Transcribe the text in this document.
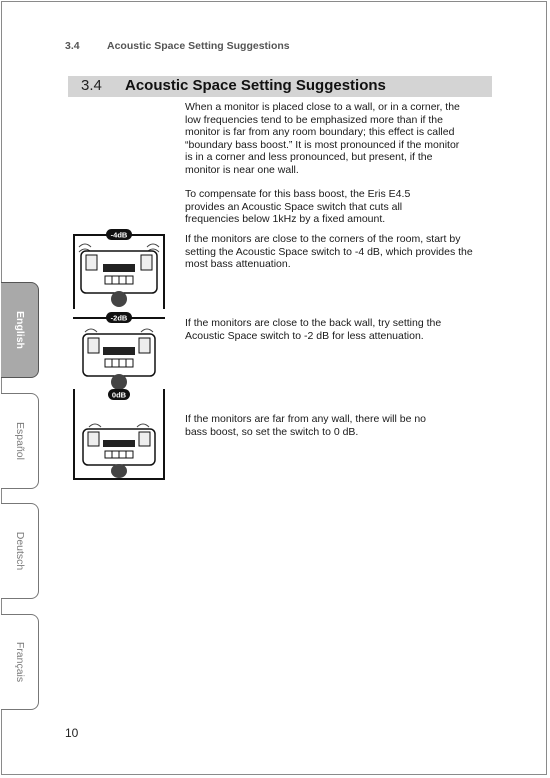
3.4	Acoustic Space Setting Suggestions
3.4 Acoustic Space Setting Suggestions

When a monitor is placed close to a wall, or in a corner, the low frequencies tend to be emphasized more than if the monitor is far from any room boundary; this effect is called “boundary bass boost.” It is most pronounced if the monitor is in a corner and less pronounced, but present, if the monitor is near one wall.

To compensate for this bass boost, the Eris E4.5 provides an Acoustic Space switch that cuts all frequencies below 1kHz by a fixed amount.

If the monitors are close to the corners of the room, start by setting the Acoustic Space switch to -4 dB, which provides the most bass attenuation.

If the monitors are close to the back wall, try setting the Acoustic Space switch to -2 dB for less attenuation.

If the monitors are far from any wall, there will be no bass boost, so set the switch to 0 dB.

-4dB
-2dB
0dB
English
Español
Deutsch
Français
10
